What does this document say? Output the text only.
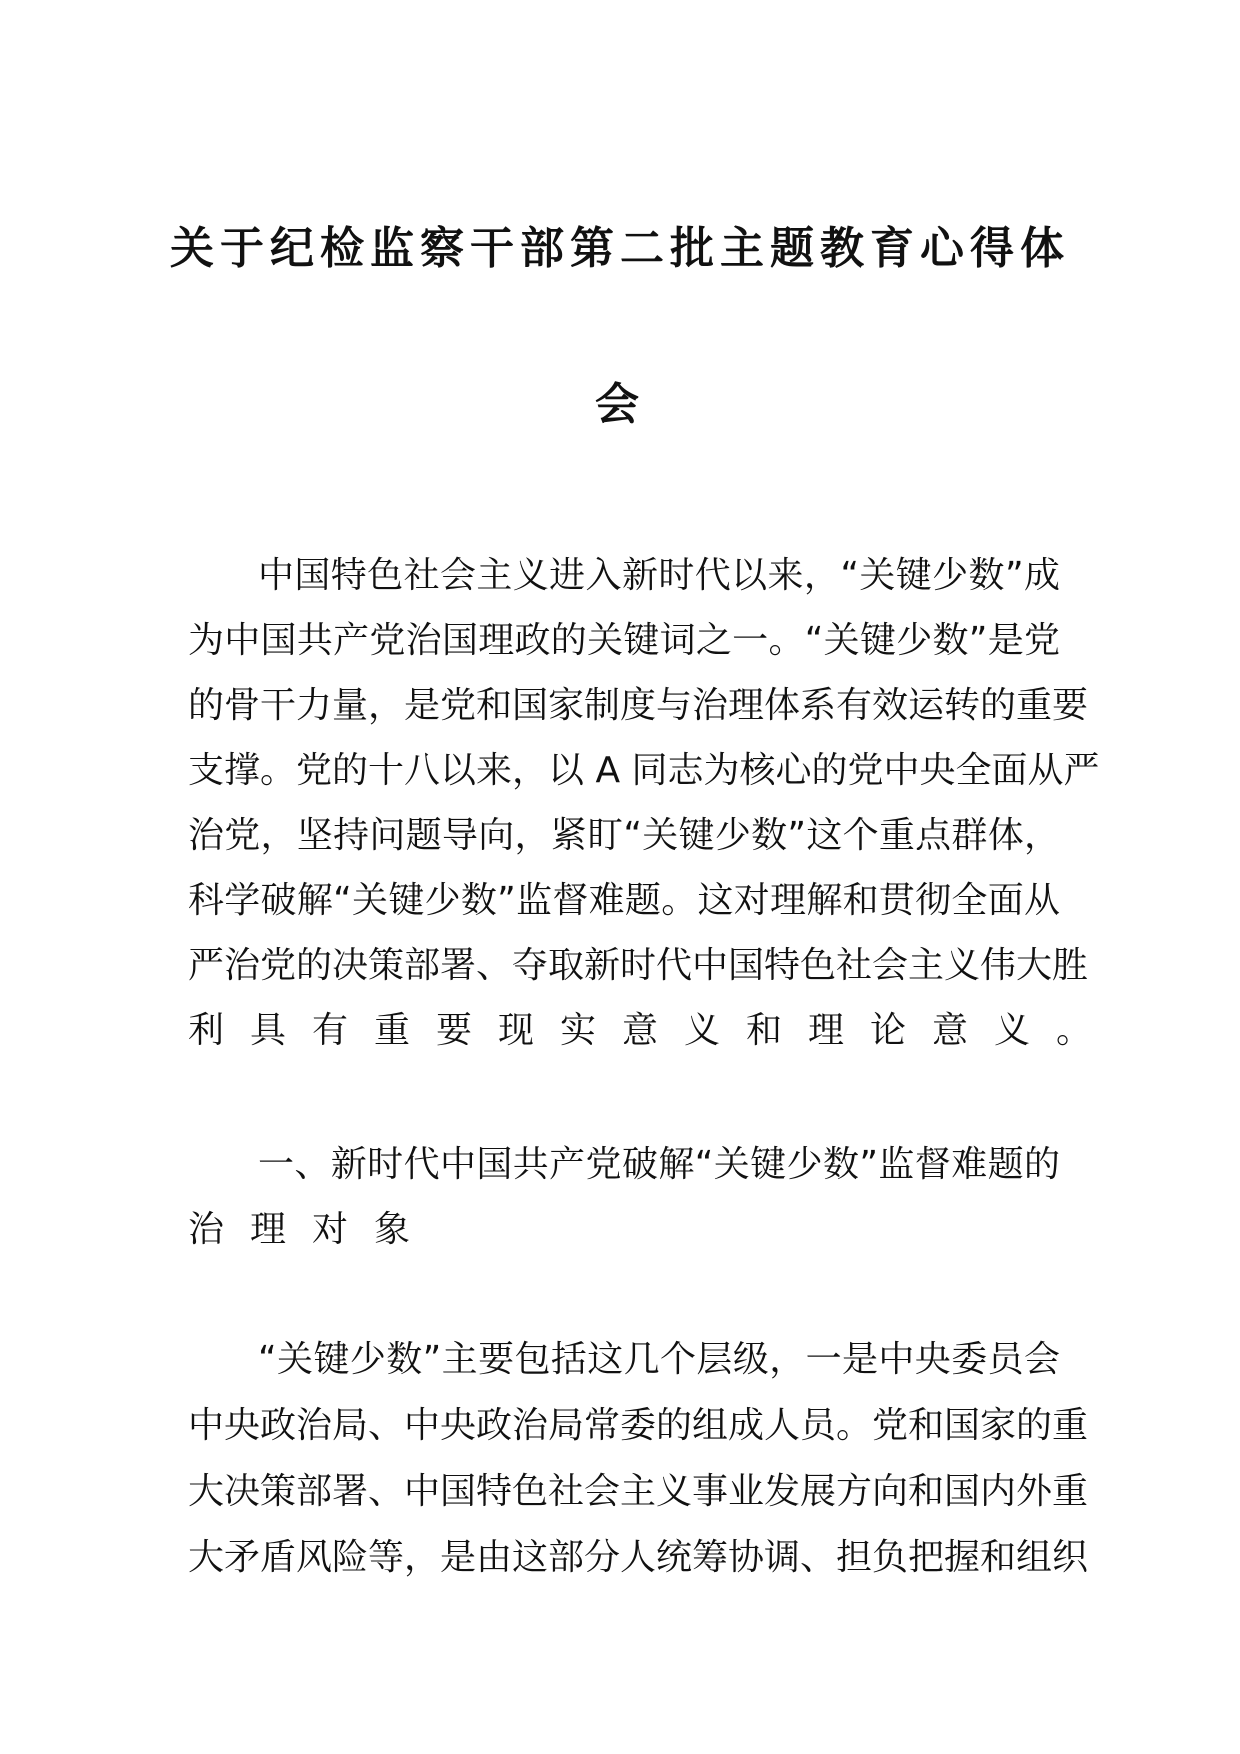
关于纪检监察干部第二批主题教育心得体
会
中国特色社会主义进入新时代以来，“关键少数”成
为中国共产党治国理政的关键词之一。“关键少数”是党
的骨干力量，是党和国家制度与治理体系有效运转的重要
支撑。党的十八以来，以 A 同志为核心的党中央全面从严
治党，坚持问题导向，紧盯“关键少数”这个重点群体，
科学破解“关键少数”监督难题。这对理解和贯彻全面从
严治党的决策部署、夺取新时代中国特色社会主义伟大胜
利具有重要现实意义和理论意义。
一、新时代中国共产党破解“关键少数”监督难题的
治理对象
“关键少数”主要包括这几个层级，一是中央委员会
中央政治局、中央政治局常委的组成人员。党和国家的重
大决策部署、中国特色社会主义事业发展方向和国内外重
大矛盾风险等，是由这部分人统筹协调、担负把握和组织
